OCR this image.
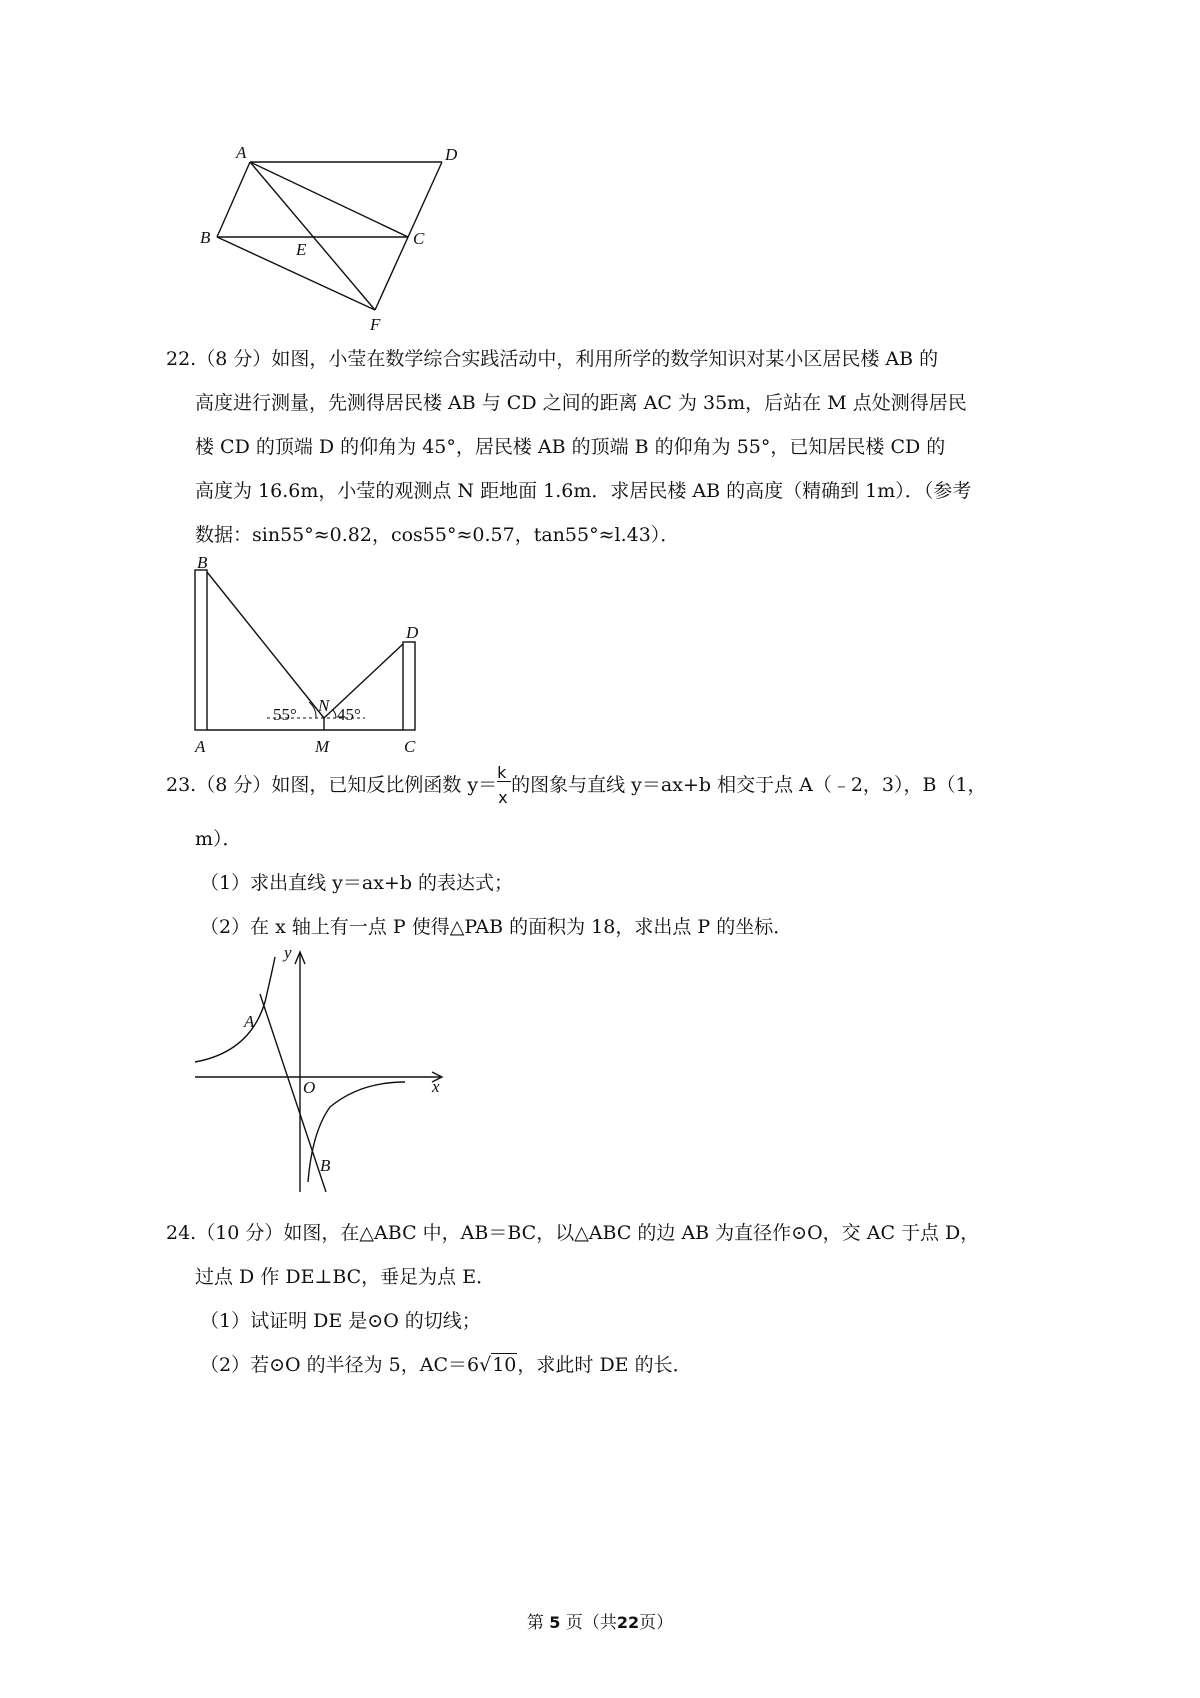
A	D
B	C
E
F
22.（8 分）如图，小莹在数学综合实践活动中，利用所学的数学知识对某小区居民楼 AB 的
高度进行测量，先测得居民楼 AB 与 CD 之间的距离 AC 为 35m，后站在 M 点处测得居民
楼 CD 的顶端 D 的仰角为 45°，居民楼 AB 的顶端 B 的仰角为 55°，已知居民楼 CD 的
高度为 16.6m，小莹的观测点 N 距地面 1.6m．求居民楼 AB 的高度（精确到 1m）．（参考
数据：sin55°≈0.82，cos55°≈0.57，tan55°≈l.43）．
B
D
N
55° 45°
A	M	C
23.（8 分）如图，已知反比例函数 $y= \frac{k}{x}$ 的图象与直线 y＝ax+b 相交于点 A（﹣2，3），B（1，
m）．
（1）求出直线 y＝ax+b 的表达式；
（2）在 x 轴上有一点 P 使得△PAB 的面积为 18，求出点 P 的坐标．
y
A
O	x
B
24.（10 分）如图，在△ABC 中，AB＝BC，以△ABC 的边 AB 为直径作⊙O，交 AC 于点 D，
过点 D 作 DE⊥BC，垂足为点 E．
（1）试证明 DE 是⊙O 的切线；
（2）若⊙O 的半径为 5，AC＝6√10，求此时 DE 的长．
第 5 页（共22页）
